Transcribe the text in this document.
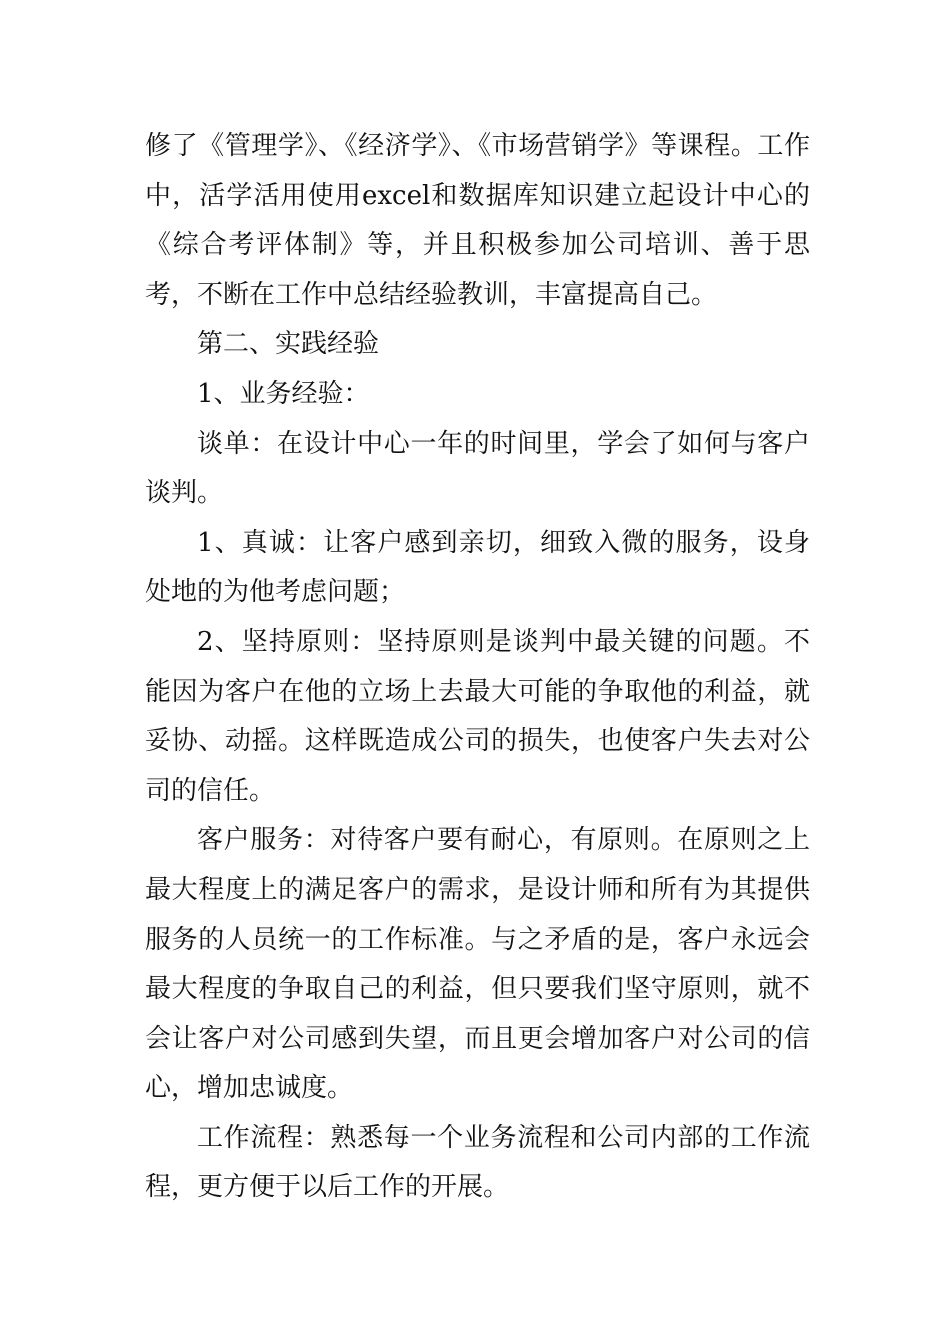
修了《管理学》、《经济学》、《市场营销学》等课程。工作中，活学活用使用excel和数据库知识建立起设计中心的《综合考评体制》等，并且积极参加公司培训、善于思考，不断在工作中总结经验教训，丰富提高自己。

第二、实践经验

1、业务经验：

谈单：在设计中心一年的时间里，学会了如何与客户谈判。

1、真诚：让客户感到亲切，细致入微的服务，设身处地的为他考虑问题；

2、坚持原则：坚持原则是谈判中最关键的问题。不能因为客户在他的立场上去最大可能的争取他的利益，就妥协、动摇。这样既造成公司的损失，也使客户失去对公司的信任。

客户服务：对待客户要有耐心，有原则。在原则之上最大程度上的满足客户的需求，是设计师和所有为其提供服务的人员统一的工作标准。与之矛盾的是，客户永远会最大程度的争取自己的利益，但只要我们坚守原则，就不会让客户对公司感到失望，而且更会增加客户对公司的信心，增加忠诚度。

工作流程：熟悉每一个业务流程和公司内部的工作流程，更方便于以后工作的开展。
